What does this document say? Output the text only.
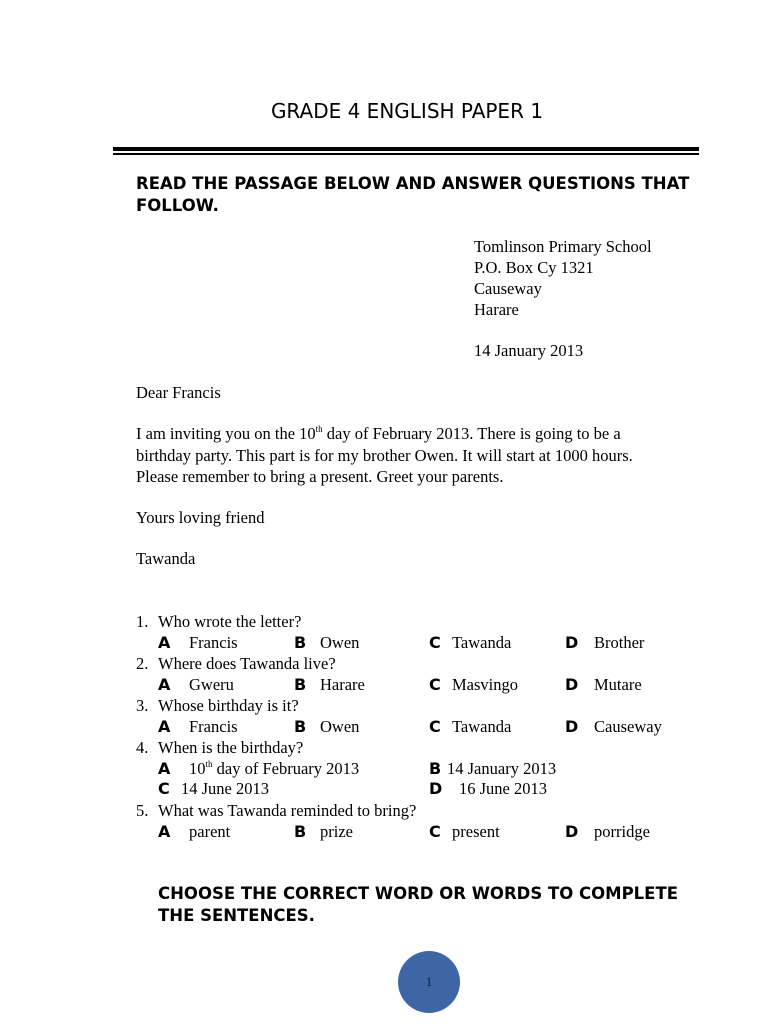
GRADE 4 ENGLISH PAPER 1
READ THE PASSAGE BELOW AND ANSWER QUESTIONS THAT FOLLOW.
Tomlinson Primary School
P.O. Box Cy 1321
Causeway
Harare
14 January 2013
Dear Francis
I am inviting you on the 10th day of February 2013. There is going to be a
birthday party. This part is for my brother Owen. It will start at 1000 hours.
Please remember to bring a present. Greet your parents.
Yours loving friend
Tawanda
1. Who wrote the letter?
A Francis	B Owen	C Tawanda	D Brother
2. Where does Tawanda live?
A Gweru	B Harare	C Masvingo	D Mutare
3. Whose birthday is it?
A Francis	B Owen	C Tawanda	D Causeway
4. When is the birthday?
A 10th day of February 2013	B 14 January 2013
C 14 June 2013	D 16 June 2013
5. What was Tawanda reminded to bring?
A parent	B prize	C present	D porridge
CHOOSE THE CORRECT WORD OR WORDS TO COMPLETE THE SENTENCES.
1
